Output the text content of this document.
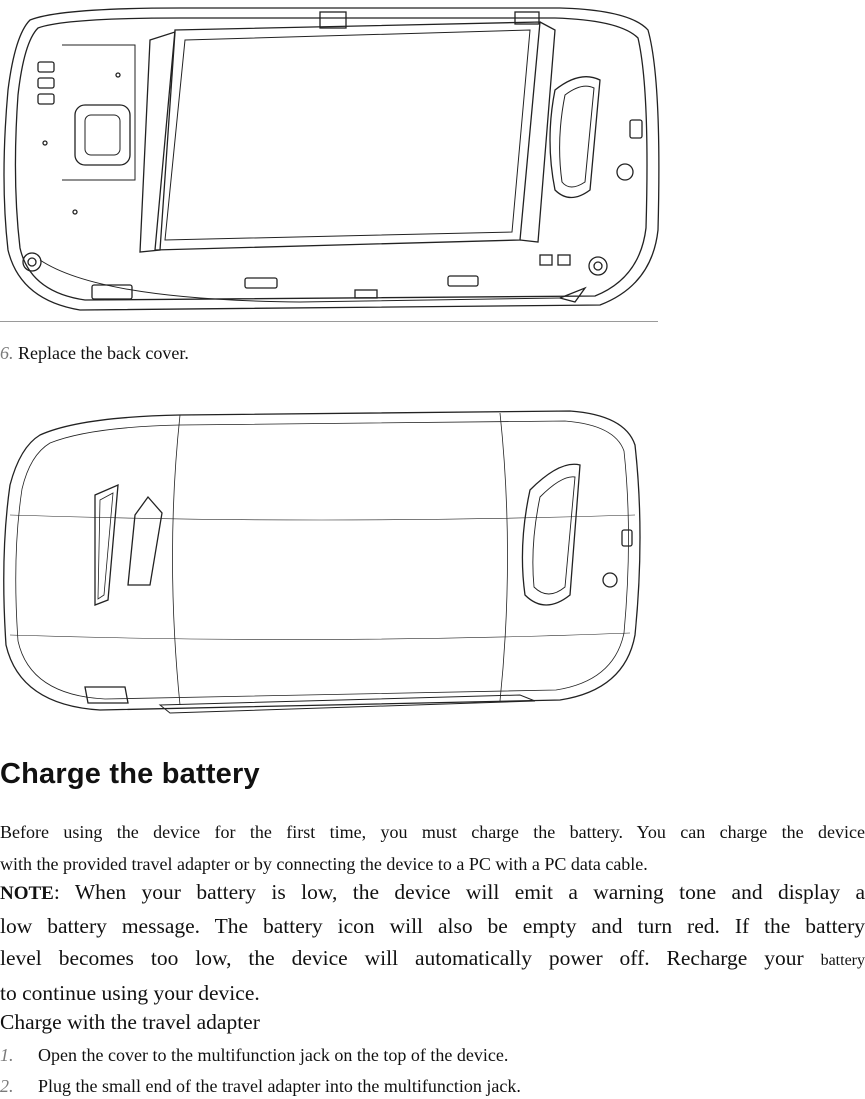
6. Replace the back cover.
Charge the battery
Before using the device for the first time, you must charge the battery. You can charge the device
with the provided travel adapter or by connecting the device to a PC with a PC data cable.
NOTE: When your battery is low, the device will emit a warning tone and display a
low battery message. The battery icon will also be empty and turn red. If the battery
level becomes too low, the device will automatically power off. Recharge your battery
to continue using your device.
Charge with the travel adapter
1. Open the cover to the multifunction jack on the top of the device.
2. Plug the small end of the travel adapter into the multifunction jack.
